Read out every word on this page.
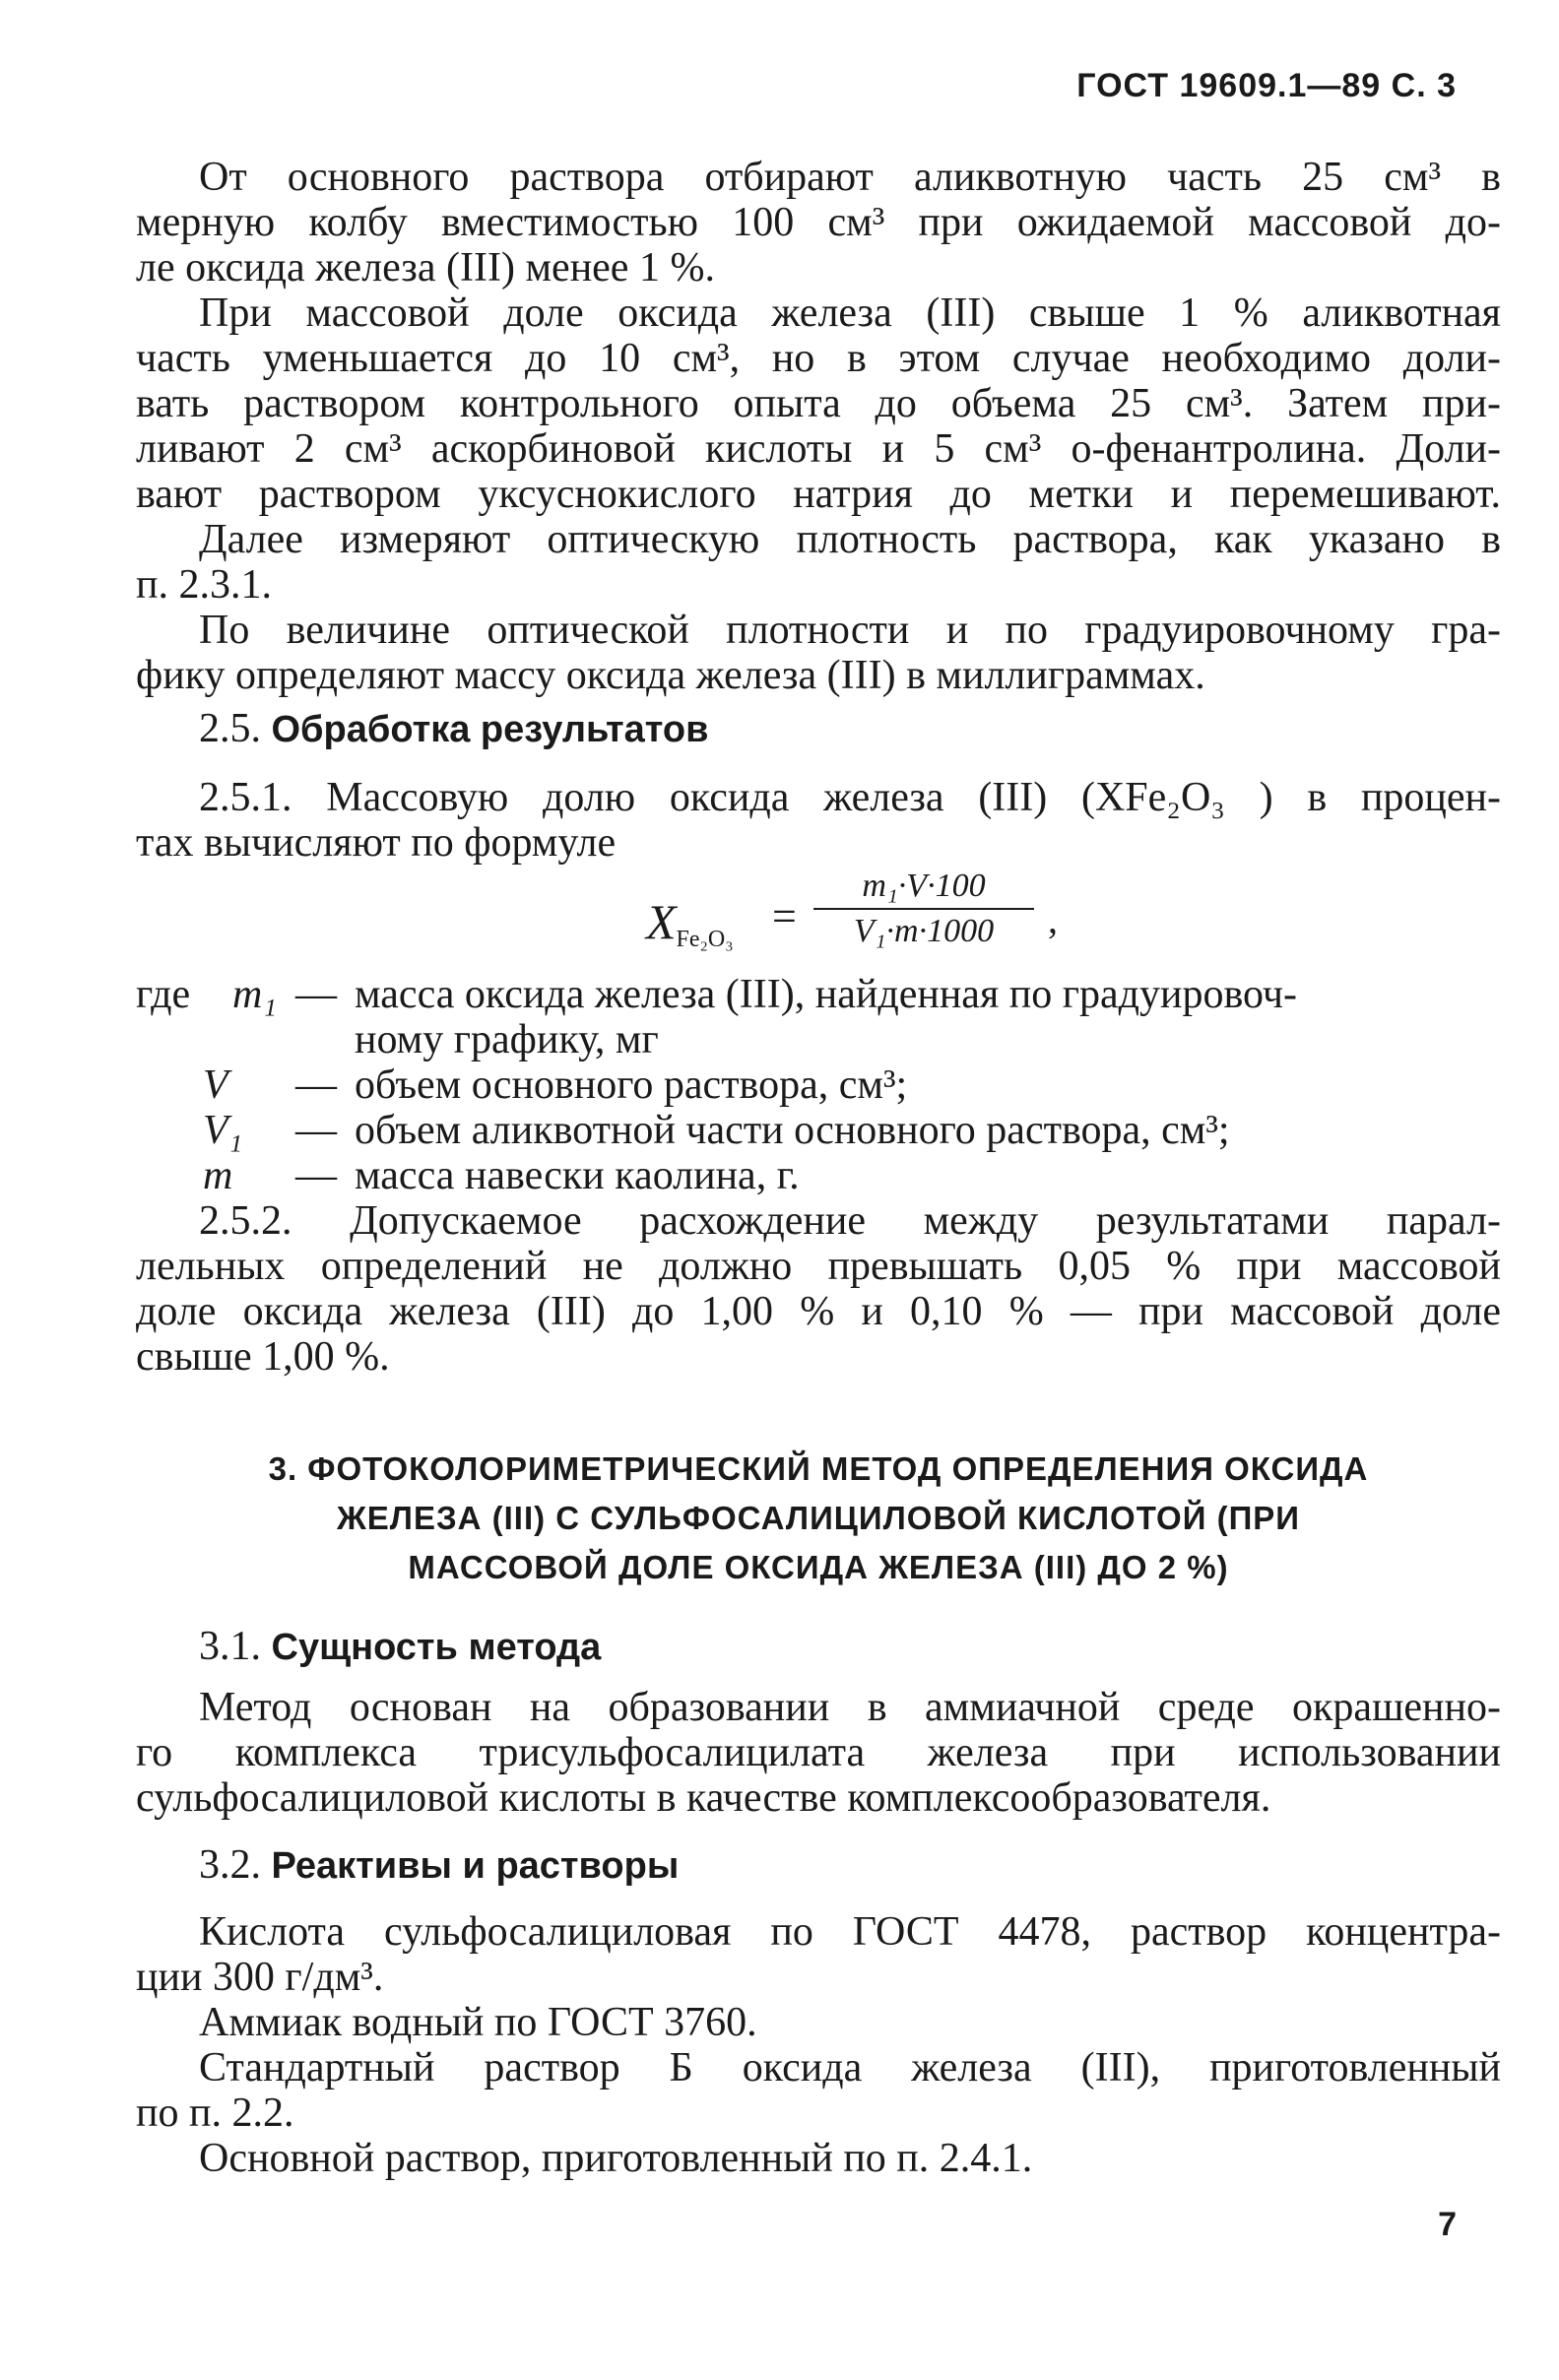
ГОСТ 19609.1—89 С. 3
От основного раствора отбирают аликвотную часть 25 см³ в
мерную колбу вместимостью 100 см³ при ожидаемой массовой до-
ле оксида железа (III) менее 1 %.
При массовой доле оксида железа (III) свыше 1 % аликвотная
часть уменьшается до 10 см³, но в этом случае необходимо доли-
вать раствором контрольного опыта до объема 25 см³. Затем при-
ливают 2 см³ аскорбиновой кислоты и 5 см³ о-фенантролина. Доли-
вают раствором уксуснокислого натрия до метки и перемешивают.
Далее измеряют оптическую плотность раствора, как указано в
п. 2.3.1.
По величине оптической плотности и по градуировочному гра-
фику определяют массу оксида железа (III) в миллиграммах.
2.5. Обработка результатов
2.5.1. Массовую долю оксида железа (III) (XFe₂O₃ ) в процен-
тах вычисляют по формуле
$X_{Fe_2O_3}$ =
m₁·V·100
V₁·m·1000	,
где m₁ — масса оксида железа (III), найденная по градуировоч-
ному графику, мг
V — объем основного раствора, см³;
V₁ — объем аликвотной части основного раствора, см³;
m — масса навески каолина, г.
2.5.2. Допускаемое расхождение между результатами парал-
лельных определений не должно превышать 0,05 % при массовой
доле оксида железа (III) до 1,00 % и 0,10 % — при массовой доле
свыше 1,00 %.
3. ФОТОКОЛОРИМЕТРИЧЕСКИЙ МЕТОД ОПРЕДЕЛЕНИЯ ОКСИДА
ЖЕЛЕЗА (III) С СУЛЬФОСАЛИЦИЛОВОЙ КИСЛОТОЙ (ПРИ
МАССОВОЙ ДОЛЕ ОКСИДА ЖЕЛЕЗА (III) ДО 2 %)
3.1. Сущность метода
Метод основан на образовании в аммиачной среде окрашенно-
го комплекса трисульфосалицилата железа при использовании
сульфосалициловой кислоты в качестве комплексообразователя.
3.2. Реактивы и растворы
Кислота сульфосалициловая по ГОСТ 4478, раствор концентра-
ции 300 г/дм³.
Аммиак водный по ГОСТ 3760.
Стандартный раствор Б оксида железа (III), приготовленный
по п. 2.2.
Основной раствор, приготовленный по п. 2.4.1.
7
